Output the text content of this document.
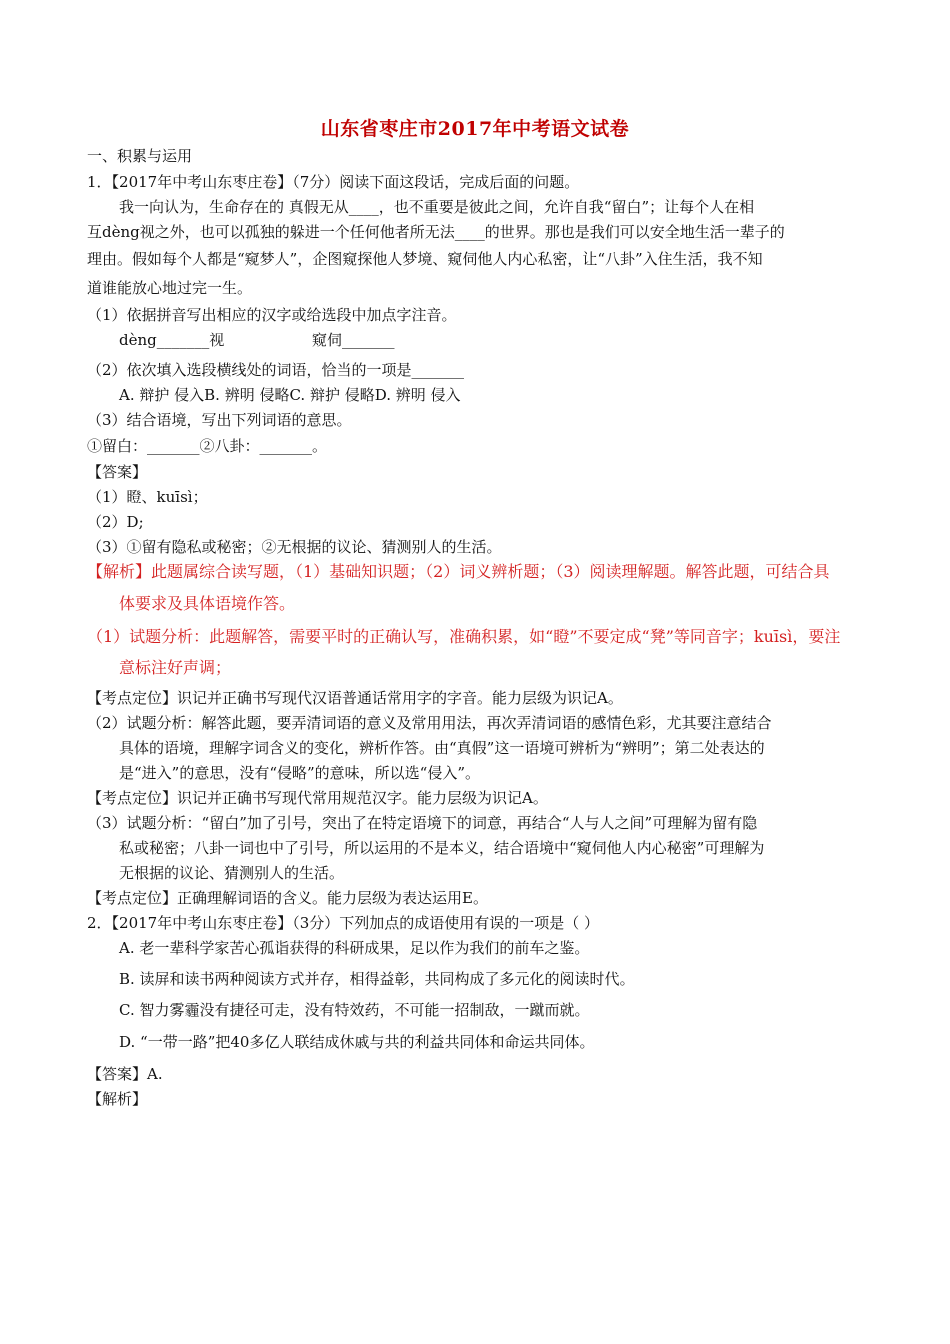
山东省枣庄市2017年中考语文试卷
一、积累与运用
1．【2017年中考山东枣庄卷】（7分）阅读下面这段话，完成后面的问题。
我一向认为，生命存在的 真假无从____，也不重要是彼此之间，允许自我“留白”；让每个人在相
互dèng视之外，也可以孤独的躲进一个任何他者所无法____的世界。那也是我们可以安全地生活一辈子的
理由。假如每个人都是“窥梦人”，企图窥探他人梦境、窥伺他人内心私密，让“八卦”入住生活，我不知
道谁能放心地过完一生。
（1）依据拼音写出相应的汉字或给选段中加点字注音。
dèng_______视	窥伺_______
（2）依次填入选段横线处的词语，恰当的一项是_______
A. 辩护 侵入B. 辨明 侵略C. 辩护 侵略D. 辨明 侵入
（3）结合语境，写出下列词语的意思。
①留白：_______②八卦：_______。
【答案】
（1）瞪、kuīsì；
（2）D;
（3）①留有隐私或秘密；②无根据的议论、猜测别人的生活。
【解析】此题属综合读写题，（1）基础知识题；（2）词义辨析题；（3）阅读理解题。解答此题，可结合具
体要求及具体语境作答。
（1）试题分析：此题解答，需要平时的正确认写，准确积累，如“瞪”不要定成“凳”等同音字；kuīsì，要注
意标注好声调；
【考点定位】识记并正确书写现代汉语普通话常用字的字音。能力层级为识记A。
（2）试题分析：解答此题，要弄清词语的意义及常用用法，再次弄清词语的感情色彩，尤其要注意结合
具体的语境，理解字词含义的变化，辨析作答。由“真假”这一语境可辨析为“辨明”；第二处表达的
是“进入”的意思，没有“侵略”的意味，所以选“侵入”。
【考点定位】识记并正确书写现代常用规范汉字。能力层级为识记A。
（3）试题分析：“留白”加了引号，突出了在特定语境下的词意，再结合“人与人之间”可理解为留有隐
私或秘密；八卦一词也中了引号，所以运用的不是本义，结合语境中“窥伺他人内心秘密”可理解为
无根据的议论、猜测别人的生活。
【考点定位】正确理解词语的含义。能力层级为表达运用E。
2．【2017年中考山东枣庄卷】（3分）下列加点的成语使用有误的一项是（ ）
A. 老一辈科学家苦心孤诣获得的科研成果，足以作为我们的前车之鉴。
B. 读屏和读书两种阅读方式并存，相得益彰，共同构成了多元化的阅读时代。
C. 智力雾霾没有捷径可走，没有特效药，不可能一招制敌，一蹴而就。
D. “一带一路”把40多亿人联结成休戚与共的利益共同体和命运共同体。
【答案】A.
【解析】
